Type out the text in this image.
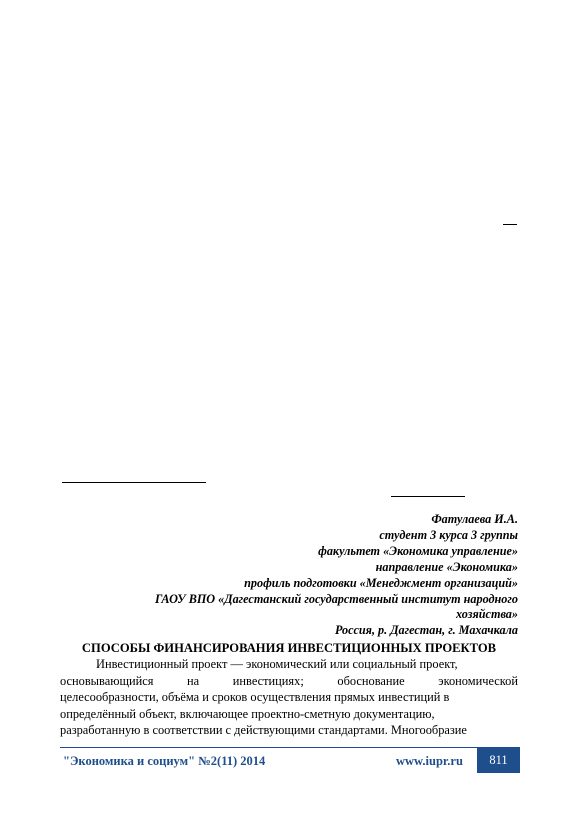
Фатулаева И.А.
студент 3 курса 3 группы
факультет «Экономика управление»
направление «Экономика»
профиль подготовки «Менеджмент организаций»
ГАОУ ВПО «Дагестанский государственный институт народного
хозяйства»
Россия, р. Дагестан, г. Махачкала
СПОСОБЫ ФИНАНСИРОВАНИЯ ИНВЕСТИЦИОННЫХ ПРОЕКТОВ
Инвестиционный проект — экономический или социальный проект,
основывающийся	на	инвестициях;	обоснование	экономической
целесообразности, объёма и сроков осуществления прямых инвестиций в
определённый объект, включающее проектно-сметную документацию,
разработанную в соответствии с действующими стандартами. Многообразие
"Экономика и социум" №2(11) 2014	www.iupr.ru	811
